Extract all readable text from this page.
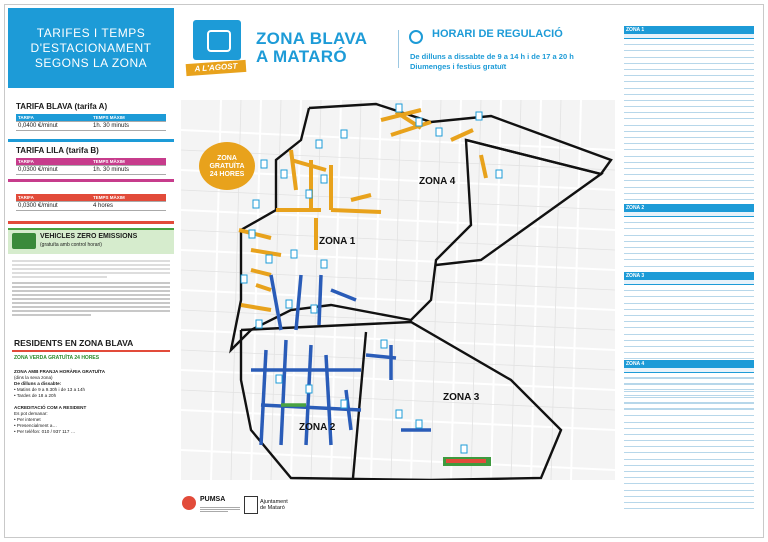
TARIFES I TEMPS
D'ESTACIONAMENT
SEGONS LA ZONA
TARIFA BLAVA (tarifa A)
TARIFA	TEMPS MÀXIM
0,0400 €/minut	1h. 30 minuts
TARIFA LILA (tarifa B)
TARIFA	TEMPS MÀXIM
0,0300 €/minut	1h. 30 minuts
TARIFA	TEMPS MÀXIM
0,0300 €/minut	4 hores
VEHICLES ZERO EMISSIONS
(gratuïta amb control horari)
RESIDENTS EN ZONA BLAVA
ZONA VERDA GRATUÏTA 24 HORES
ZONA AMB FRANJA HORÀRIA GRATUÏTA
(dins la seva zona)
De dilluns a dissabte:
• Matins de 9 a 9.30h i de 13 a 14h
• Tardes de 18 a 20h
ACREDITACIÓ COM A RESIDENT
Es pot demanar:
• Per internet
• Presencialment a…
• Per telèfon: 010 / 937 117 …
A L'AGOST
ZONA BLAVA
A MATARÓ
HORARI DE REGULACIÓ
De dilluns a dissabte de 9 a 14 h i de 17 a 20 h
Diumenges i festius gratuït
ZONA 4
ZONA 1
ZONA 2
ZONA 3
ZONA
GRATUÏTA
24 HORES
PUMSA	Ajuntament
de Mataró
ZONA 1
ZONA 2
ZONA 3
ZONA 4
